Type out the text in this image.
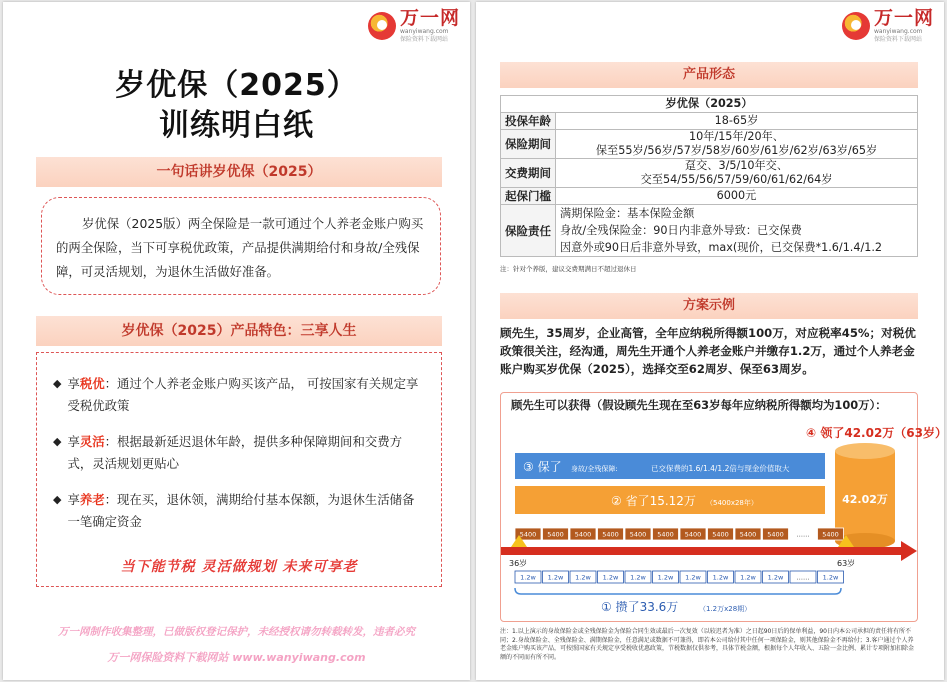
万一网
wanyiwang.com
保险资料下载网站
岁优保（2025）
训练明白纸
一句话讲岁优保（2025）
岁优保（2025版）两全保险是一款可通过个人养老金账户购买的两全保险，当下可享税优政策，产品提供满期给付和身故/全残保障，可灵活规划，为退休生活做好准备。
岁优保（2025）产品特色：三享人生
◆ 享税优：通过个人养老金账户购买该产品， 可按国家有关规定享受税优政策
◆ 享灵活：根据最新延迟退休年龄，提供多种保障期间和交费方式，灵活规划更贴心
◆ 享养老：现在买，退休领，满期给付基本保额，为退休生活储备一笔确定资金
当下能节税 灵活做规划 未来可享老
万一网制作收集整理，已做版权登记保护，未经授权请勿转载转发，违者必究
万一网保险资料下载网站 www.wanyiwang.com
万一网
wanyiwang.com
保险资料下载网站
产品形态
岁优保（2025）	
投保年龄	18-65岁
保险期间	10年/15年/20年、
保至55岁/56岁/57岁/58岁/60岁/61岁/62岁/63岁/65岁

交费期间	趸交、3/5/10年交、
交至54/55/56/57/59/60/61/62/64岁

起保门槛	6000元
保险责任	满期保险金：基本保险金额
身故/全残保险金：90日内非意外导致：已交保费
因意外或90日后非意外导致，max(现价，已交保费*1.6/1.4/1.2
注：针对个养版，建议交费期满日不超过退休日
方案示例
顾先生，35周岁，企业高管，全年应纳税所得额100万，对应税率45%；对税优政策很关注，经沟通，周先生开通个人养老金账户并缴存1.2万，通过个人养老金账户购买岁优保（2025），选择交至62周岁、保至63周岁。
顾先生可以获得（假设顾先生现在至63岁每年应纳税所得额均为100万）：
④ 领了42.02万（63岁）
③ 保了 身故/全残保障:	已交保费的1.6/1.4/1.2倍与现金价值取大
② 省了15.12万 （5400x28年）	42.02万
5400 5400 5400 5400 5400 5400 5400 5400 5400 5400 …… 5400
36岁	63岁
1.2w 1.2w 1.2w 1.2w 1.2w 1.2w 1.2w 1.2w 1.2w 1.2w …… 1.2w
① 攒了33.6万	（1.2万x28期）
注：1.以上演示的身故保险金或全残保险金为保险合同生效或最后一次复效（以较迟者为准）之日起90日后的保单利益，90日内本公司承担的责任将有所不同；2.身故保险金、全残保险金、满期保险金，任意满足或数据不可兼得，即若本公司给付其中任何一项保险金，则其他保险金不再给付；3.客户通过个人养老金账户购买该产品，可按照国家有关规定享受税收优惠政策，节税数据仅供参考，具体节税金额，根据每个人年收入、五险一金比例、累计专项附加扣除金额的不同而有所不同。
